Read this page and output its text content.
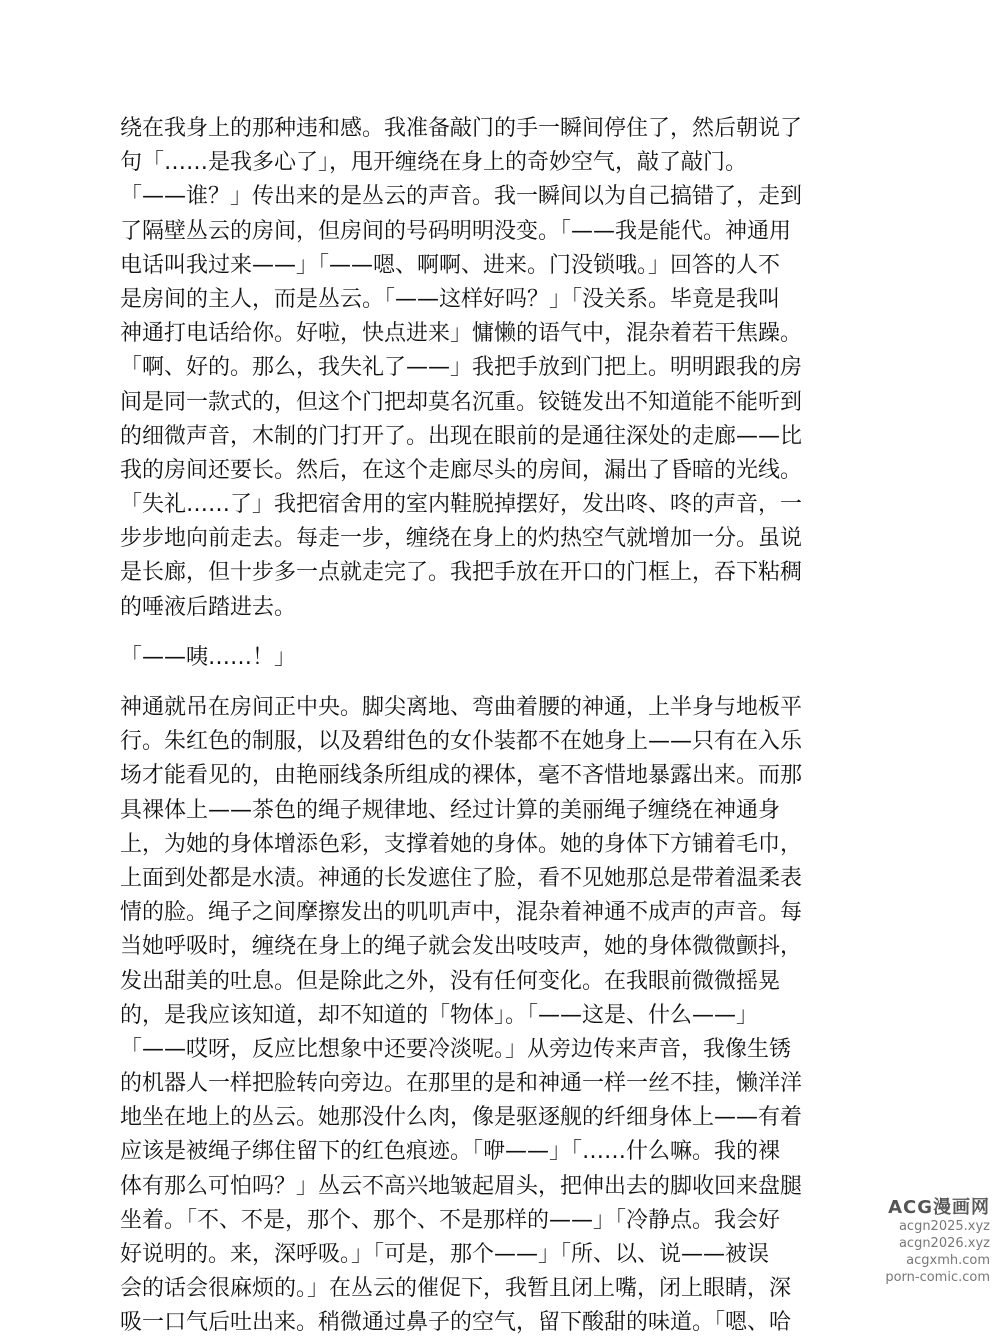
绕在我身上的那种违和感。我准备敲门的手一瞬间停住了，然后朝说了
句「……是我多心了」，甩开缠绕在身上的奇妙空气，敲了敲门。
「——谁？」传出来的是丛云的声音。我一瞬间以为自己搞错了，走到
了隔壁丛云的房间，但房间的号码明明没变。「——我是能代。神通用
电话叫我过来——」「——嗯、啊啊、进来。门没锁哦。」回答的人不
是房间的主人，而是丛云。「——这样好吗？」「没关系。毕竟是我叫
神通打电话给你。好啦，快点进来」慵懒的语气中，混杂着若干焦躁。
「啊、好的。那么，我失礼了——」我把手放到门把上。明明跟我的房
间是同一款式的，但这个门把却莫名沉重。铰链发出不知道能不能听到
的细微声音，木制的门打开了。出现在眼前的是通往深处的走廊——比
我的房间还要长。然后，在这个走廊尽头的房间，漏出了昏暗的光线。
「失礼……了」我把宿舍用的室内鞋脱掉摆好，发出咚、咚的声音，一
步步地向前走去。每走一步，缠绕在身上的灼热空气就增加一分。虽说
是长廊，但十步多一点就走完了。我把手放在开口的门框上，吞下粘稠
的唾液后踏进去。
「——咦……！」
神通就吊在房间正中央。脚尖离地、弯曲着腰的神通，上半身与地板平
行。朱红色的制服，以及碧绀色的女仆装都不在她身上——只有在入乐
场才能看见的，由艳丽线条所组成的裸体，毫不吝惜地暴露出来。而那
具裸体上——茶色的绳子规律地、经过计算的美丽绳子缠绕在神通身
上，为她的身体增添色彩，支撑着她的身体。她的身体下方铺着毛巾，
上面到处都是水渍。神通的长发遮住了脸，看不见她那总是带着温柔表
情的脸。绳子之间摩擦发出的叽叽声中，混杂着神通不成声的声音。每
当她呼吸时，缠绕在身上的绳子就会发出吱吱声，她的身体微微颤抖，
发出甜美的吐息。但是除此之外，没有任何变化。在我眼前微微摇晃
的，是我应该知道，却不知道的「物体」。「——这是、什么——」
「——哎呀，反应比想象中还要冷淡呢。」从旁边传来声音，我像生锈
的机器人一样把脸转向旁边。在那里的是和神通一样一丝不挂，懒洋洋
地坐在地上的丛云。她那没什么肉，像是驱逐舰的纤细身体上——有着
应该是被绳子绑住留下的红色痕迹。「咿——」「……什么嘛。我的裸
体有那么可怕吗？」丛云不高兴地皱起眉头，把伸出去的脚收回来盘腿
坐着。「不、不是，那个、那个、不是那样的——」「冷静点。我会好
好说明的。来，深呼吸。」「可是，那个——」「所、以、说——被误
会的话会很麻烦的。」在丛云的催促下，我暂且闭上嘴，闭上眼睛，深
吸一口气后吐出来。稍微通过鼻子的空气，留下酸甜的味道。「嗯、哈
ACG漫画网
acgn2025.xyz
acgn2026.xyz
acgxmh.com
porn-comic.com
